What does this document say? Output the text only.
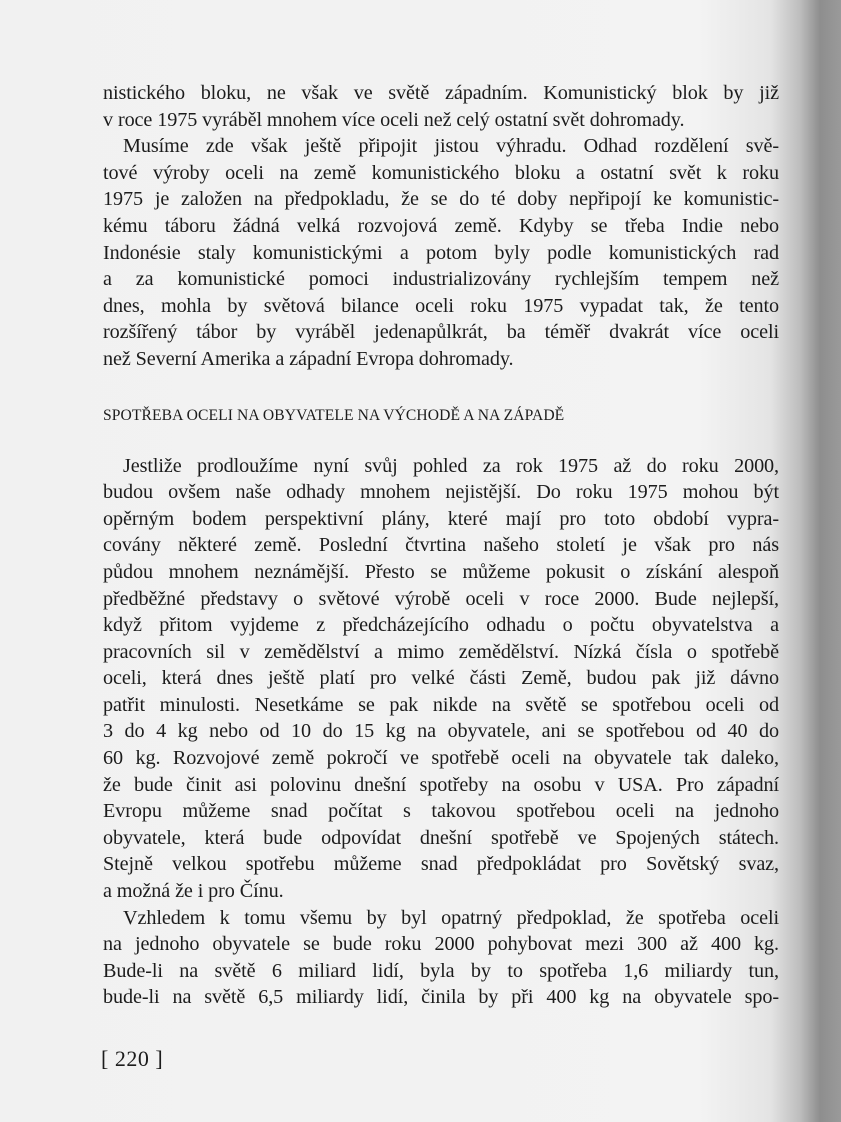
nistického bloku, ne však ve světě západním. Komunistický blok by již
v roce 1975 vyráběl mnohem více oceli než celý ostatní svět dohromady.
Musíme zde však ještě připojit jistou výhradu. Odhad rozdělení svě-
tové výroby oceli na země komunistického bloku a ostatní svět k roku
1975 je založen na předpokladu, že se do té doby nepřipojí ke komunistic-
kému táboru žádná velká rozvojová země. Kdyby se třeba Indie nebo
Indonésie staly komunistickými a potom byly podle komunistických rad
a za komunistické pomoci industrializovány rychlejším tempem než
dnes, mohla by světová bilance oceli roku 1975 vypadat tak, že tento
rozšířený tábor by vyráběl jedenapůlkrát, ba téměř dvakrát více oceli
než Severní Amerika a západní Evropa dohromady.
SPOTŘEBA OCELI NA OBYVATELE NA VÝCHODĚ A NA ZÁPADĚ
Jestliže prodloužíme nyní svůj pohled za rok 1975 až do roku 2000,
budou ovšem naše odhady mnohem nejistější. Do roku 1975 mohou být
opěrným bodem perspektivní plány, které mají pro toto období vypra-
covány některé země. Poslední čtvrtina našeho století je však pro nás
půdou mnohem neznámější. Přesto se můžeme pokusit o získání alespoň
předběžné představy o světové výrobě oceli v roce 2000. Bude nejlepší,
když přitom vyjdeme z předcházejícího odhadu o počtu obyvatelstva a
pracovních sil v zemědělství a mimo zemědělství. Nízká čísla o spotřebě
oceli, která dnes ještě platí pro velké části Země, budou pak již dávno
patřit minulosti. Nesetkáme se pak nikde na světě se spotřebou oceli od
3 do 4 kg nebo od 10 do 15 kg na obyvatele, ani se spotřebou od 40 do
60 kg. Rozvojové země pokročí ve spotřebě oceli na obyvatele tak daleko,
že bude činit asi polovinu dnešní spotřeby na osobu v USA. Pro západní
Evropu můžeme snad počítat s takovou spotřebou oceli na jednoho
obyvatele, která bude odpovídat dnešní spotřebě ve Spojených státech.
Stejně velkou spotřebu můžeme snad předpokládat pro Sovětský svaz,
a možná že i pro Čínu.
Vzhledem k tomu všemu by byl opatrný předpoklad, že spotřeba oceli
na jednoho obyvatele se bude roku 2000 pohybovat mezi 300 až 400 kg.
Bude-li na světě 6 miliard lidí, byla by to spotřeba 1,6 miliardy tun,
bude-li na světě 6,5 miliardy lidí, činila by při 400 kg na obyvatele spo-
[ 220 ]
